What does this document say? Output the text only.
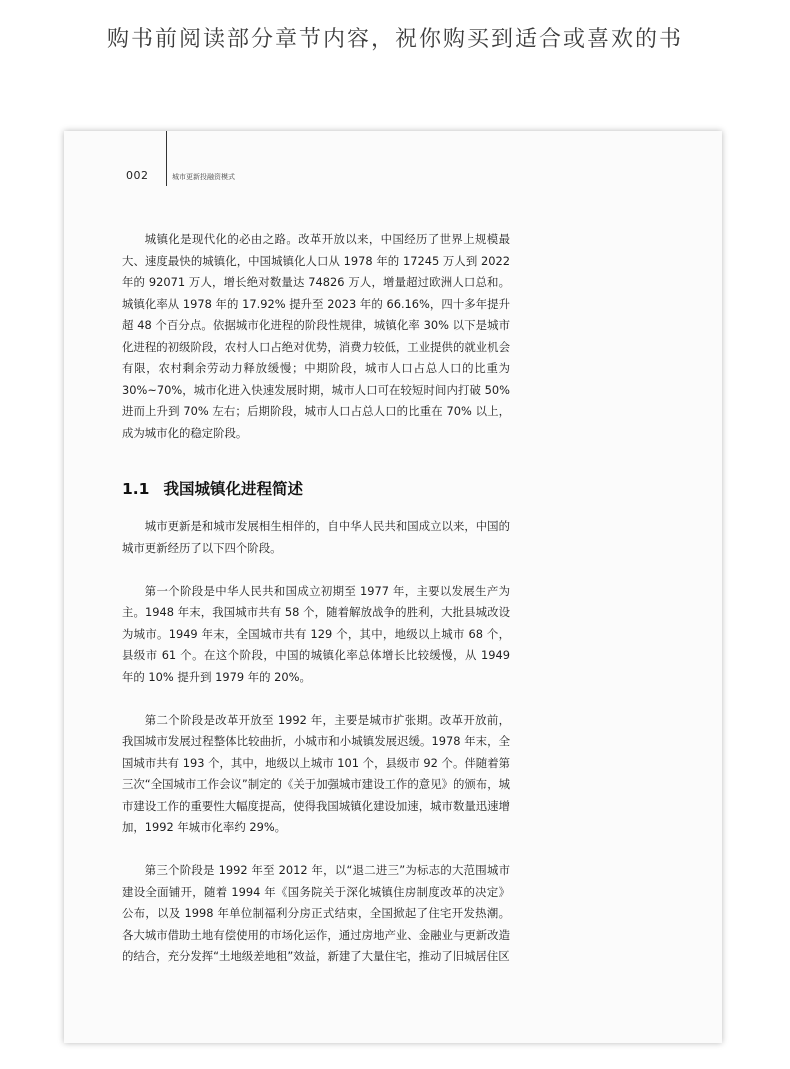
购书前阅读部分章节内容，祝你购买到适合或喜欢的书
002	城市更新投融资模式

城镇化是现代化的必由之路。改革开放以来，中国经历了世界上规模最大、速度最快的城镇化，中国城镇化人口从 1978 年的 17245 万人到 2022 年的 92071 万人，增长绝对数量达 74826 万人，增量超过欧洲人口总和。城镇化率从 1978 年的 17.92% 提升至 2023 年的 66.16%，四十多年提升超 48 个百分点。依据城市化进程的阶段性规律，城镇化率 30% 以下是城市化进程的初级阶段，农村人口占绝对优势，消费力较低，工业提供的就业机会有限，农村剩余劳动力释放缓慢；中期阶段，城市人口占总人口的比重为 30%~70%，城市化进入快速发展时期，城市人口可在较短时间内打破 50% 进而上升到 70% 左右；后期阶段，城市人口占总人口的比重在 70% 以上，成为城市化的稳定阶段。

1.1 我国城镇化进程简述

城市更新是和城市发展相生相伴的，自中华人民共和国成立以来，中国的城市更新经历了以下四个阶段。

第一个阶段是中华人民共和国成立初期至 1977 年，主要以发展生产为主。1948 年末，我国城市共有 58 个，随着解放战争的胜利，大批县城改设为城市。1949 年末，全国城市共有 129 个，其中，地级以上城市 68 个，县级市 61 个。在这个阶段，中国的城镇化率总体增长比较缓慢，从 1949 年的 10% 提升到 1979 年的 20%。

第二个阶段是改革开放至 1992 年，主要是城市扩张期。改革开放前，我国城市发展过程整体比较曲折，小城市和小城镇发展迟缓。1978 年末，全国城市共有 193 个，其中，地级以上城市 101 个，县级市 92 个。伴随着第三次“全国城市工作会议”制定的《关于加强城市建设工作的意见》的颁布，城市建设工作的重要性大幅度提高，使得我国城镇化建设加速，城市数量迅速增加，1992 年城市化率约 29%。

第三个阶段是 1992 年至 2012 年，以“退二进三”为标志的大范围城市建设全面铺开，随着 1994 年《国务院关于深化城镇住房制度改革的决定》公布，以及 1998 年单位制福利分房正式结束，全国掀起了住宅开发热潮。各大城市借助土地有偿使用的市场化运作，通过房地产业、金融业与更新改造的结合，充分发挥“土地级差地租”效益，新建了大量住宅，推动了旧城居住区
